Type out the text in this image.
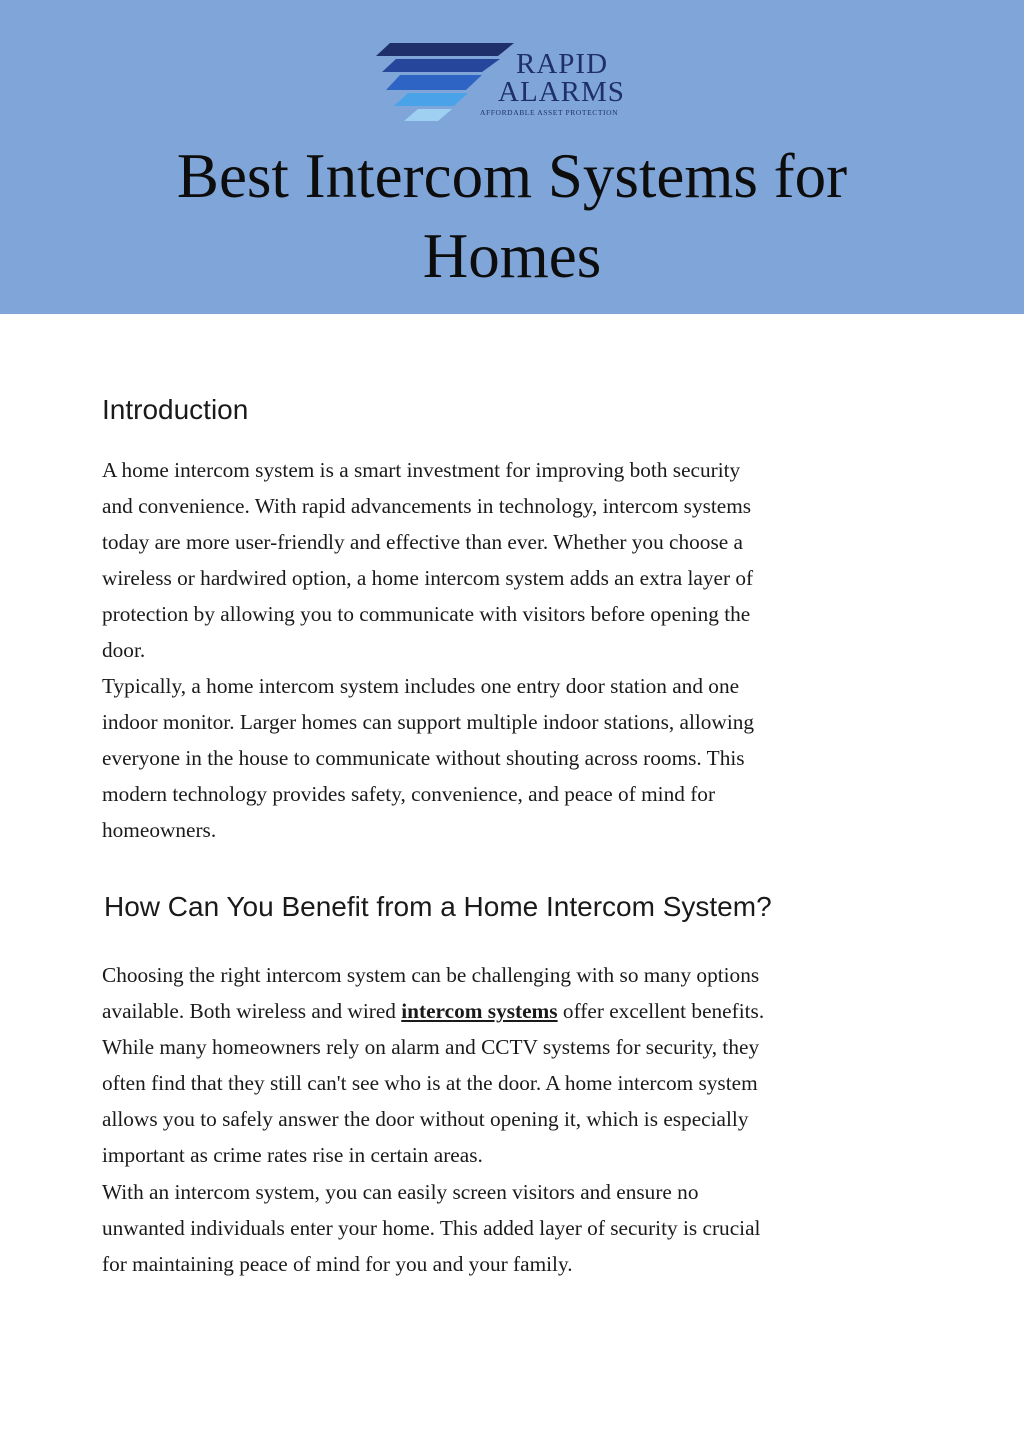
RAPID
ALARMS
AFFORDABLE ASSET PROTECTION
Best Intercom Systems for
Homes
Introduction

A home intercom system is a smart investment for improving both security
and convenience. With rapid advancements in technology, intercom systems
today are more user-friendly and effective than ever. Whether you choose a
wireless or hardwired option, a home intercom system adds an extra layer of
protection by allowing you to communicate with visitors before opening the
door.

Typically, a home intercom system includes one entry door station and one
indoor monitor. Larger homes can support multiple indoor stations, allowing
everyone in the house to communicate without shouting across rooms. This
modern technology provides safety, convenience, and peace of mind for
homeowners.

How Can You Benefit from a Home Intercom System?

Choosing the right intercom system can be challenging with so many options
available. Both wireless and wired intercom systems offer excellent benefits.
While many homeowners rely on alarm and CCTV systems for security, they
often find that they still can't see who is at the door. A home intercom system
allows you to safely answer the door without opening it, which is especially
important as crime rates rise in certain areas.

With an intercom system, you can easily screen visitors and ensure no
unwanted individuals enter your home. This added layer of security is crucial
for maintaining peace of mind for you and your family.
